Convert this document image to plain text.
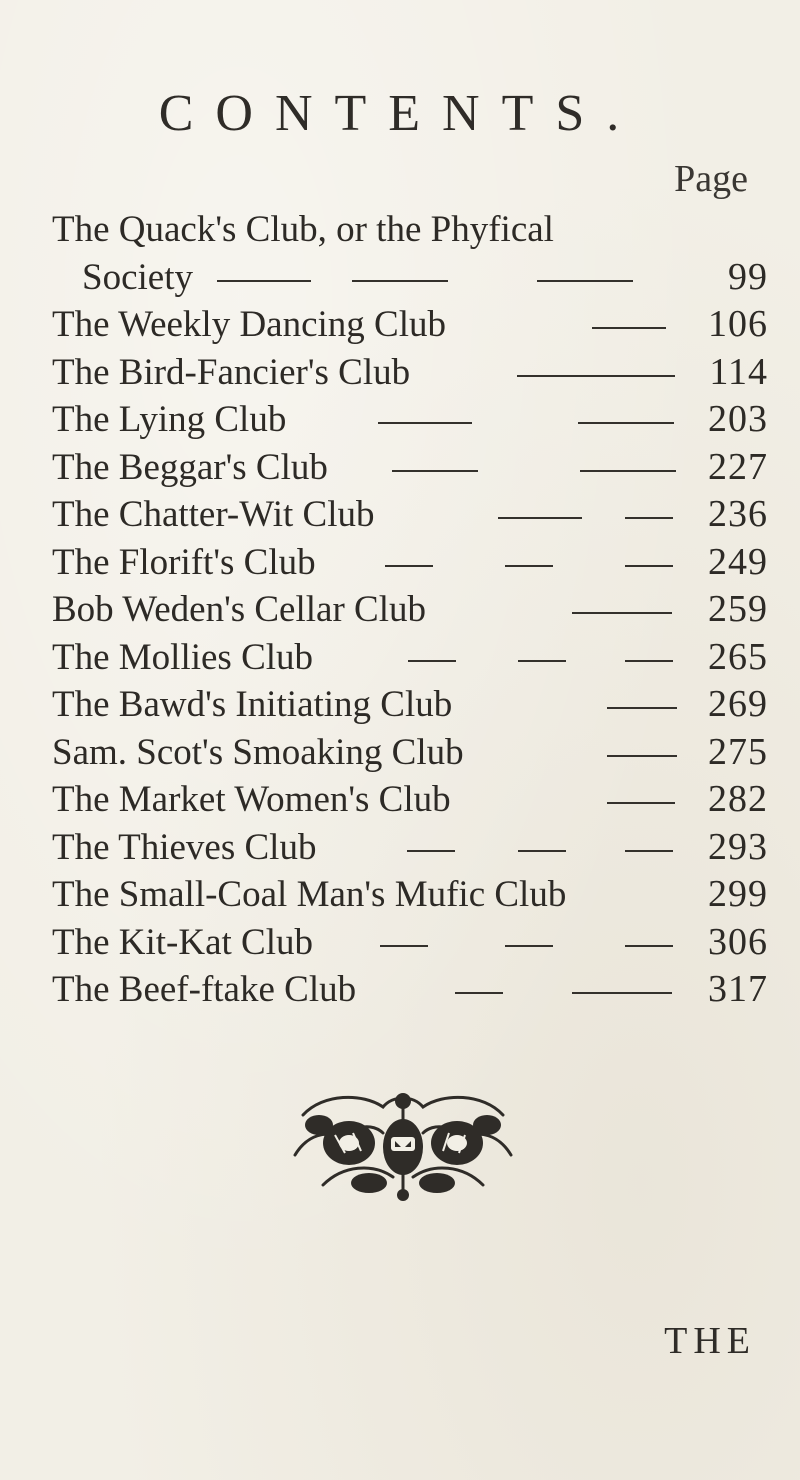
CONTENTS.
Page
The Quack's Club, or the Phyfical
Society	99
The Weekly Dancing Club	106
The Bird-Fancier's Club	114
The Lying Club	203
The Beggar's Club	227
The Chatter-Wit Club	236
The Florift's Club	249
Bob Weden's Cellar Club	259
The Mollies Club	265
The Bawd's Initiating Club	269
Sam. Scot's Smoaking Club	275
The Market Women's Club	282
The Thieves Club	293
The Small-Coal Man's Mufic Club	299
The Kit-Kat Club	306
The Beef-ftake Club	317
THE
